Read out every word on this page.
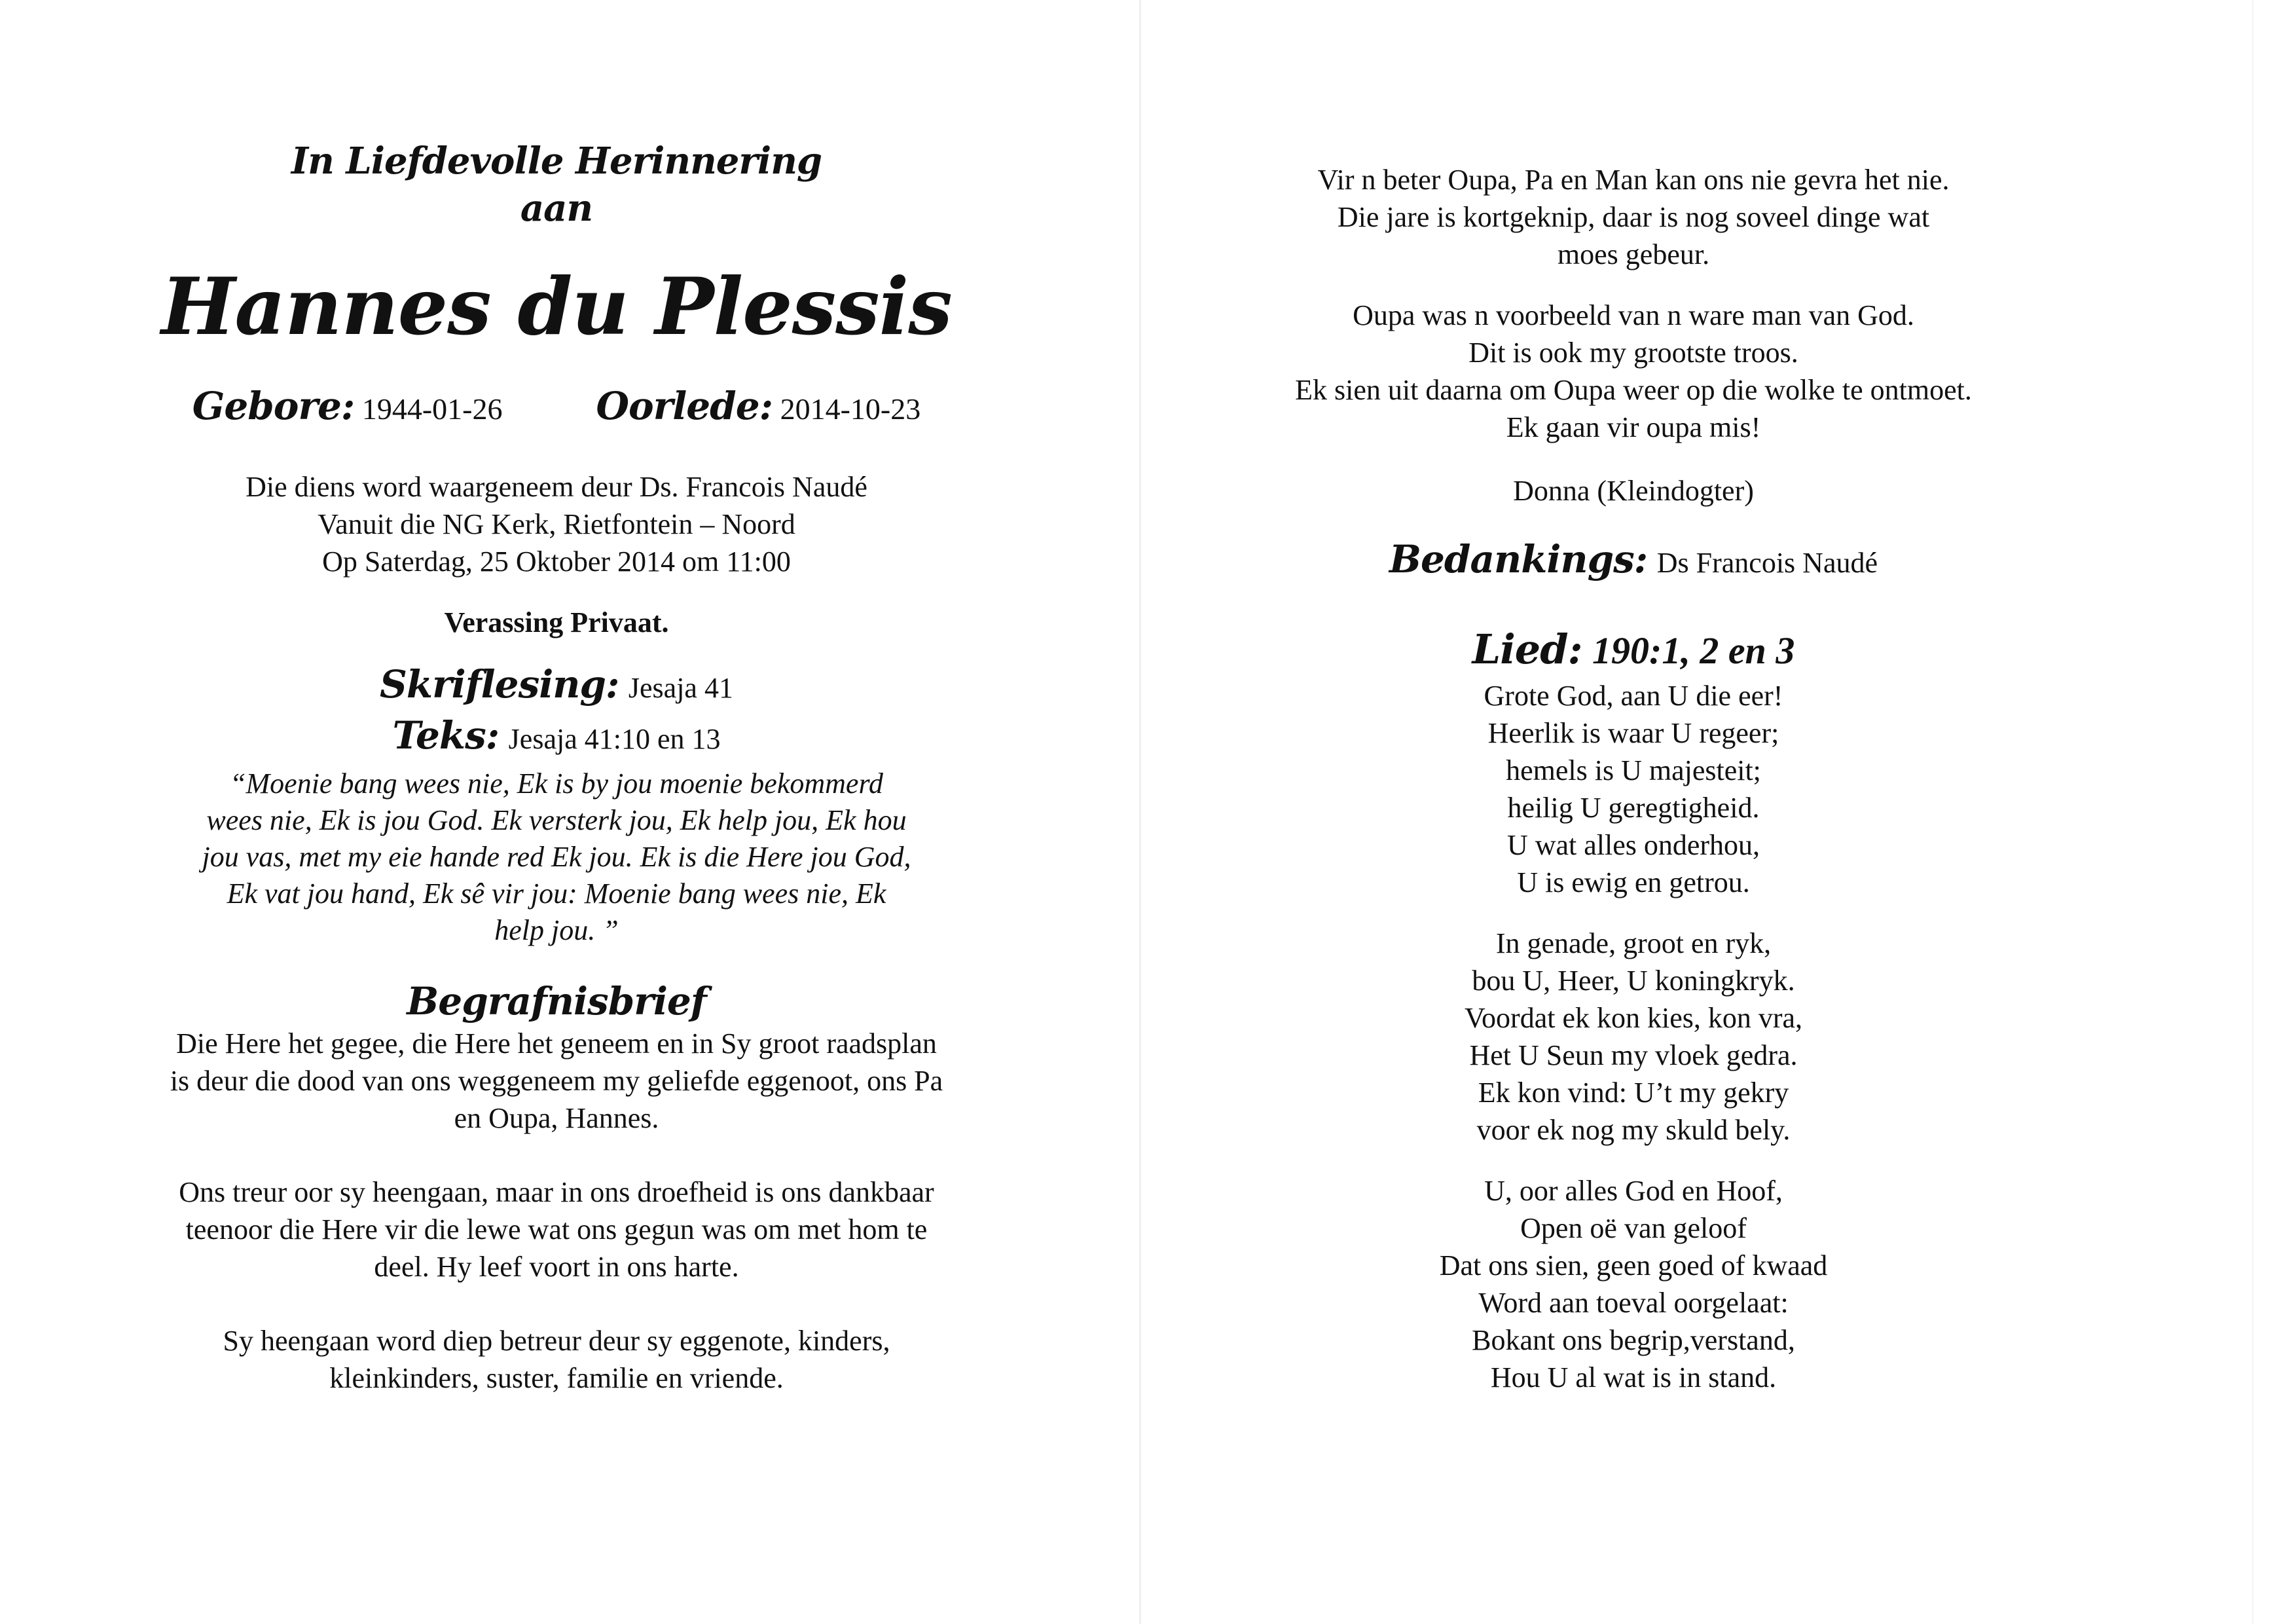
In Liefdevolle Herinnering
aan
Hannes du Plessis
Gebore: 1944-01-26 Oorlede: 2014-10-23
Die diens word waargeneem deur Ds. Francois Naudé
Vanuit die NG Kerk, Rietfontein – Noord
Op Saterdag, 25 Oktober 2014 om 11:00
Verassing Privaat.
Skriflesing: Jesaja 41
Teks: Jesaja 41:10 en 13
“Moenie bang wees nie, Ek is by jou moenie bekommerd
wees nie, Ek is jou God. Ek versterk jou, Ek help jou, Ek hou
jou vas, met my eie hande red Ek jou. Ek is die Here jou God,
Ek vat jou hand, Ek sê vir jou: Moenie bang wees nie, Ek
help jou. ”
Begrafnisbrief
Die Here het gegee, die Here het geneem en in Sy groot raadsplan
is deur die dood van ons weggeneem my geliefde eggenoot, ons Pa
en Oupa, Hannes.
Ons treur oor sy heengaan, maar in ons droefheid is ons dankbaar
teenoor die Here vir die lewe wat ons gegun was om met hom te
deel. Hy leef voort in ons harte.
Sy heengaan word diep betreur deur sy eggenote, kinders,
kleinkinders, suster, familie en vriende.
Vir n beter Oupa, Pa en Man kan ons nie gevra het nie.
Die jare is kortgeknip, daar is nog soveel dinge wat
moes gebeur.
Oupa was n voorbeeld van n ware man van God.
Dit is ook my grootste troos.
Ek sien uit daarna om Oupa weer op die wolke te ontmoet.
Ek gaan vir oupa mis!
Donna (Kleindogter)
Bedankings: Ds Francois Naudé
Lied: 190:1, 2 en 3
Grote God, aan U die eer!
Heerlik is waar U regeer;
hemels is U majesteit;
heilig U geregtigheid.
U wat alles onderhou,
U is ewig en getrou.
In genade, groot en ryk,
bou U, Heer, U koningkryk.
Voordat ek kon kies, kon vra,
Het U Seun my vloek gedra.
Ek kon vind: U’t my gekry
voor ek nog my skuld bely.
U, oor alles God en Hoof,
Open oë van geloof
Dat ons sien, geen goed of kwaad
Word aan toeval oorgelaat:
Bokant ons begrip,verstand,
Hou U al wat is in stand.
